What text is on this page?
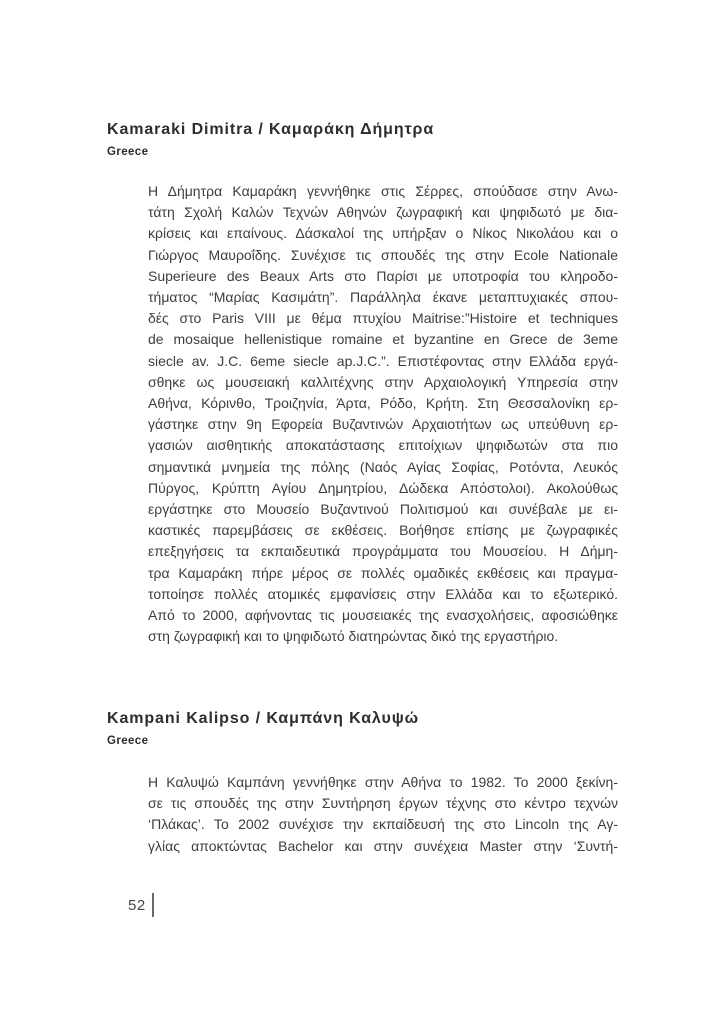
Kamaraki Dimitra / Καμαράκη Δήμητρα
Greece
Η Δήμητρα Καμαράκη γεννήθηκε στις Σέρρες, σπούδασε στην Ανω-
τάτη Σχολή Καλών Τεχνών Αθηνών ζωγραφική και ψηφιδωτό με δια-
κρίσεις και επαίνους. Δάσκαλοί της υπήρξαν ο Νίκος Νικολάου και ο
Γιώργος Μαυροΐδης. Συνέχισε τις σπουδές της στην Ecole Nationale
Superieure des Beaux Arts στο Παρίσι με υποτροφία του κληροδο-
τήματος “Μαρίας Κασιμάτη”. Παράλληλα έκανε μεταπτυχιακές σπου-
δές στο Paris VIII με θέμα πτυχίου Maitrise:”Histoire et techniques
de mosaique hellenistique romaine et byzantine en Grece de 3eme
siecle av. J.C. 6eme siecle ap.J.C.”. Επιστέφοντας στην Ελλάδα εργά-
σθηκε ως μουσειακή καλλιτέχνης στην Αρχαιολογική Υπηρεσία στην
Αθήνα, Κόρινθο, Τροιζηνία, Άρτα, Ρόδο, Κρήτη. Στη Θεσσαλονίκη ερ-
γάστηκε στην 9η Εφορεία Βυζαντινών Αρχαιοτήτων ως υπεύθυνη ερ-
γασιών αισθητικής αποκατάστασης επιτοίχιων ψηφιδωτών στα πιο
σημαντικά μνημεία της πόλης (Ναός Αγίας Σοφίας, Ροτόντα, Λευκός
Πύργος, Κρύπτη Αγίου Δημητρίου, Δώδεκα Απόστολοι). Ακολούθως
εργάστηκε στο Μουσείο Βυζαντινού Πολιτισμού και συνέβαλε με ει-
καστικές παρεμβάσεις σε εκθέσεις. Βοήθησε επίσης με ζωγραφικές
επεξηγήσεις τα εκπαιδευτικά προγράμματα του Μουσείου. Η Δήμη-
τρα Καμαράκη πήρε μέρος σε πολλές ομαδικές εκθέσεις και πραγμα-
τοποίησε πολλές ατομικές εμφανίσεις στην Ελλάδα και το εξωτερικό.
Από το 2000, αφήνοντας τις μουσειακές της ενασχολήσεις, αφοσιώθηκε
στη ζωγραφική και το ψηφιδωτό διατηρώντας δικό της εργαστήριο.
Kampani Kalipso / Καμπάνη Καλυψώ
Greece
Η Καλυψώ Καμπάνη γεννήθηκε στην Αθήνα το 1982. Το 2000 ξεκίνη-
σε τις σπουδές της στην Συντήρηση έργων τέχνης στο κέντρο τεχνών
‘Πλάκας’. Το 2002 συνέχισε την εκπαίδευσή της στο Lincoln της Αγ-
γλίας αποκτώντας Bachelor και στην συνέχεια Master στην ‘Συντή-
52
